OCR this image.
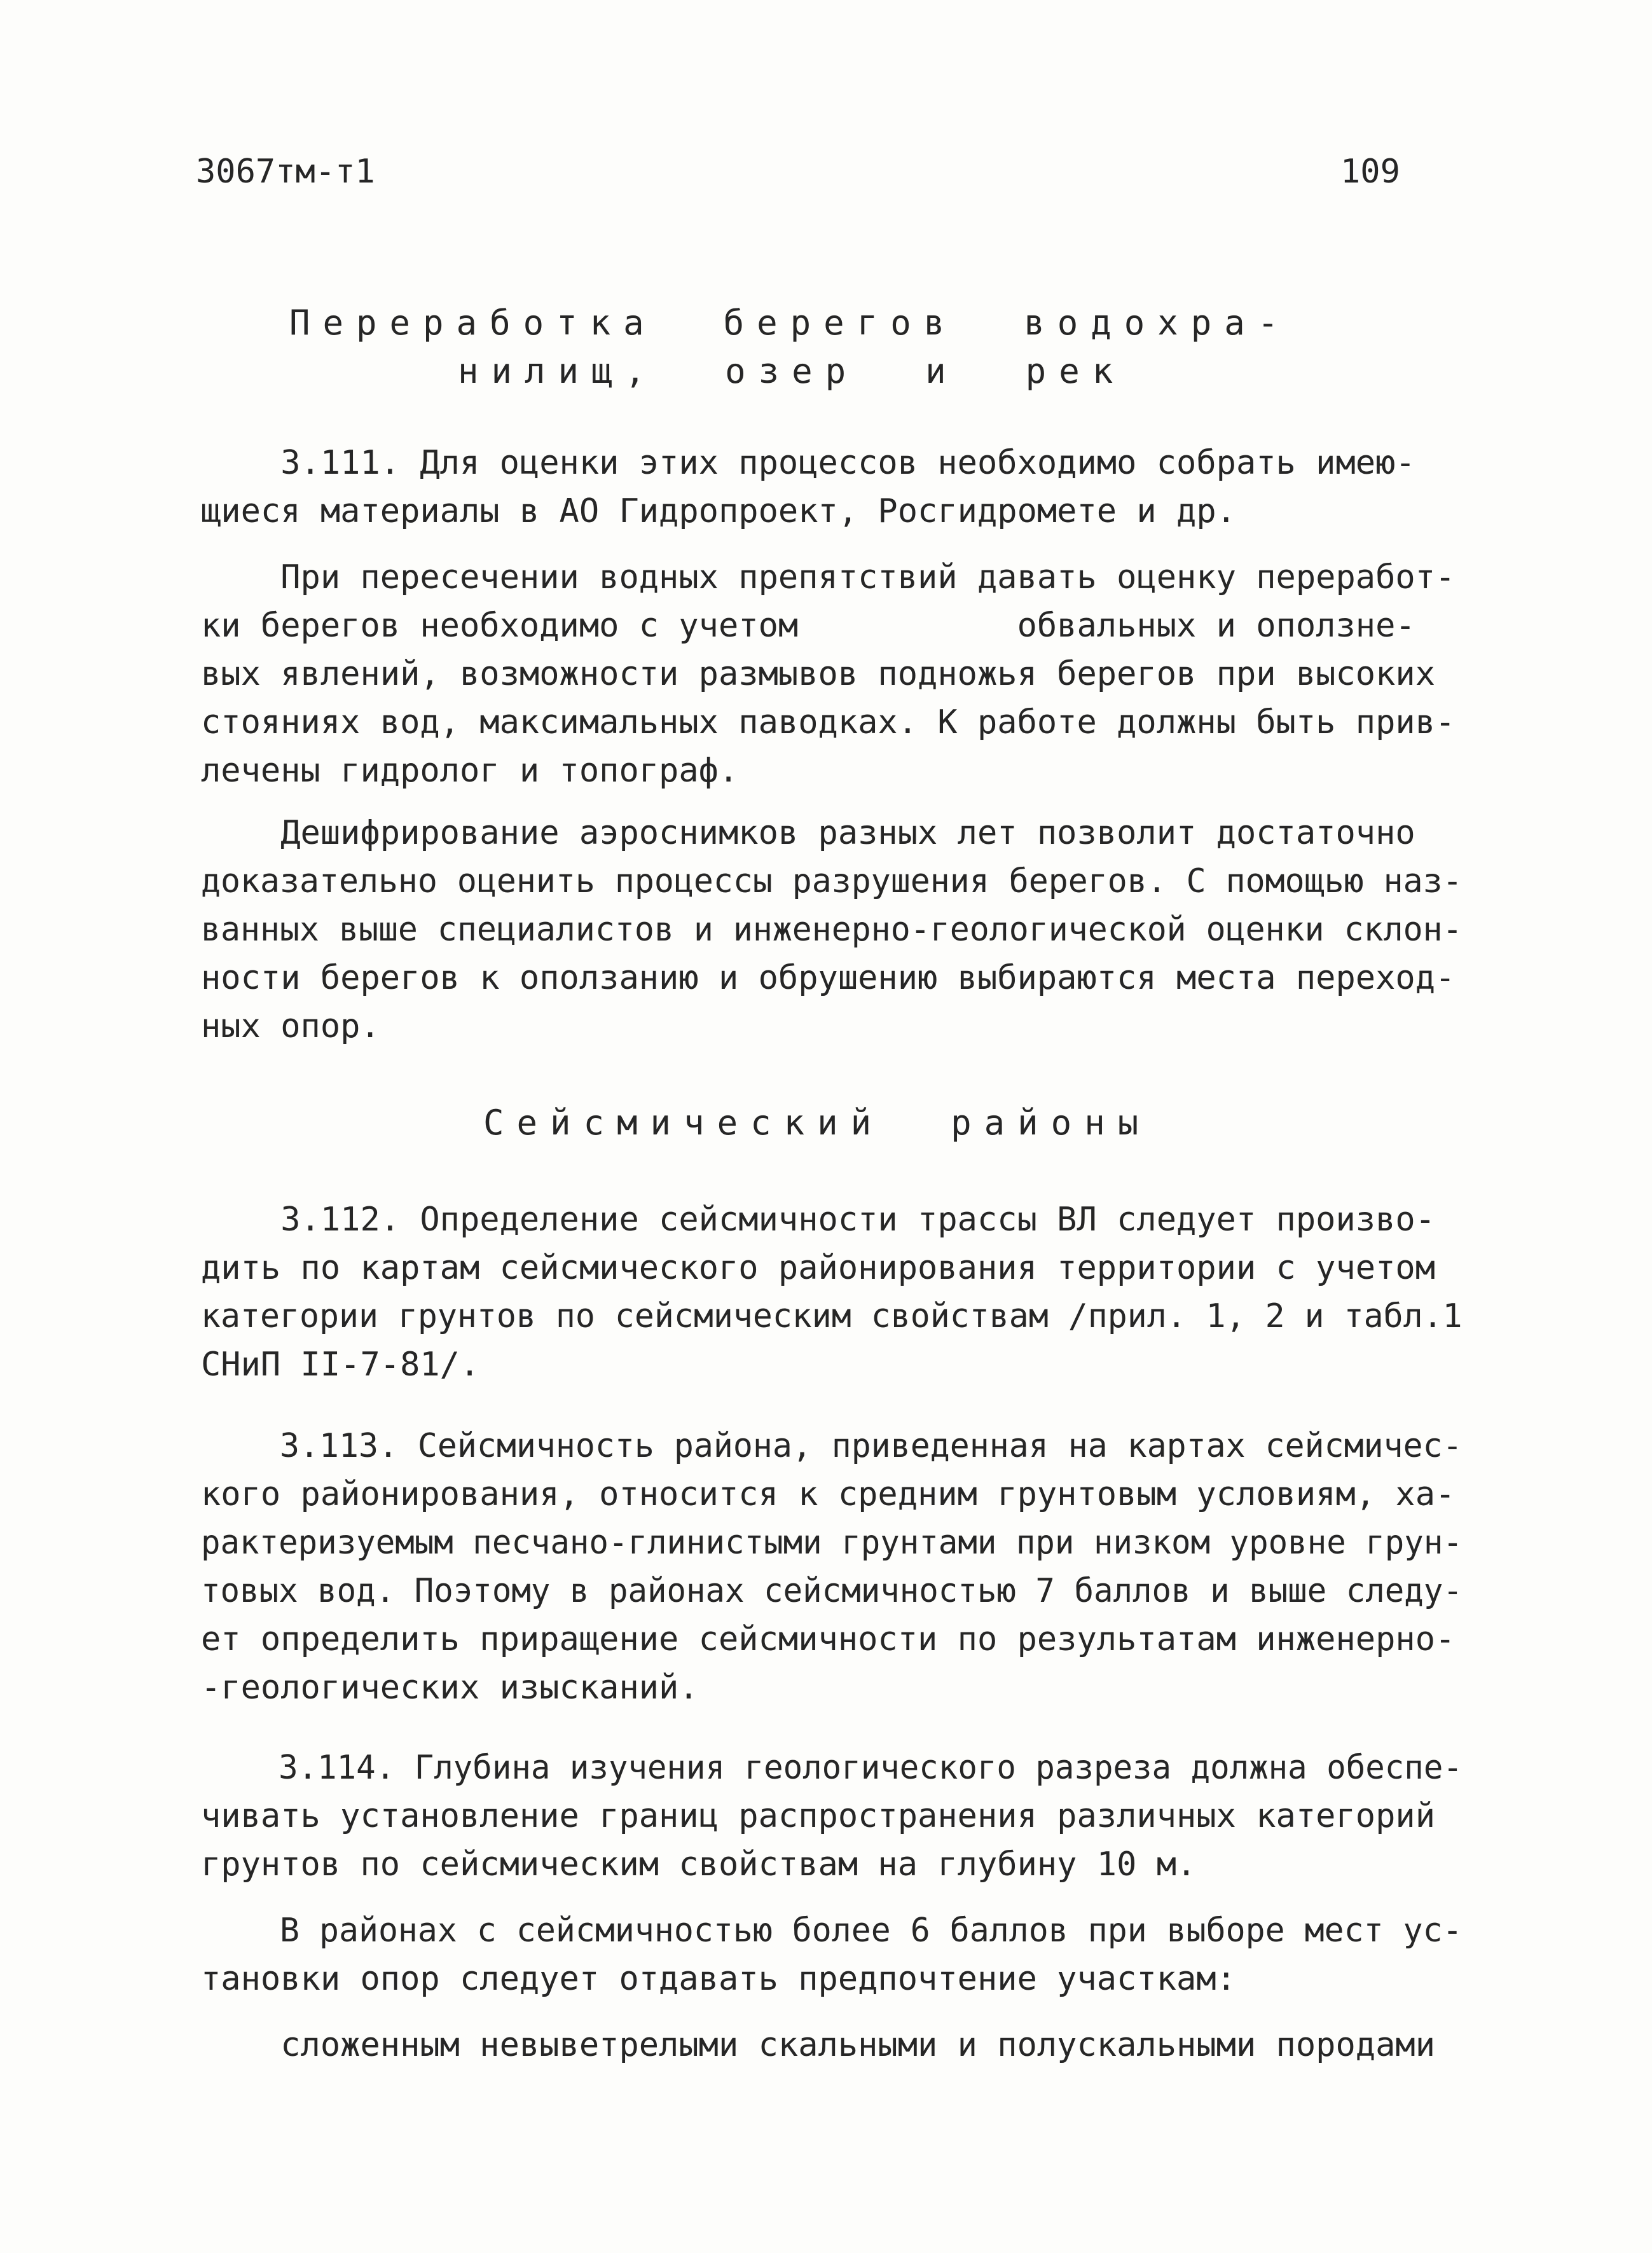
3067тм-т1	109
Переработка  берегов  водохра-
нилищ,  озер  и  рек
3.111. Для оценки этих процессов необходимо собрать имею-
щиеся материалы в АО Гидропроект, Росгидромете и др.
При пересечении водных препятствий давать оценку переработ-
ки берегов необходимо с учетом           обвальных и оползне-
вых явлений, возможности размывов подножья берегов при высоких
стояниях вод, максимальных паводках. К работе должны быть прив-
лечены гидролог и топограф.
Дешифрирование аэроснимков разных лет позволит достаточно
доказательно оценить процессы разрушения берегов. С помощью наз-
ванных выше специалистов и инженерно-геологической оценки склон-
ности берегов к оползанию и обрушению выбираются места переход-
ных опор.
Сейсмический  районы
3.112. Определение сейсмичности трассы ВЛ следует произво-
дить по картам сейсмического районирования территории с учетом
категории грунтов по сейсмическим свойствам /прил. 1, 2 и табл.1
СНиП II-7-81/.
3.113. Сейсмичность района, приведенная на картах сейсмичес-
кого районирования, относится к средним грунтовым условиям, ха-
рактеризуемым песчано-глинистыми грунтами при низком уровне грун-
товых вод. Поэтому в районах сейсмичностью 7 баллов и выше следу-
ет определить приращение сейсмичности по результатам инженерно-
-геологических изысканий.
3.114. Глубина изучения геологического разреза должна обеспе-
чивать установление границ распространения различных категорий
грунтов по сейсмическим свойствам на глубину 10 м.
В районах с сейсмичностью более 6 баллов при выборе мест ус-
тановки опор следует отдавать предпочтение участкам:
сложенным невыветрелыми скальными и полускальными породами
